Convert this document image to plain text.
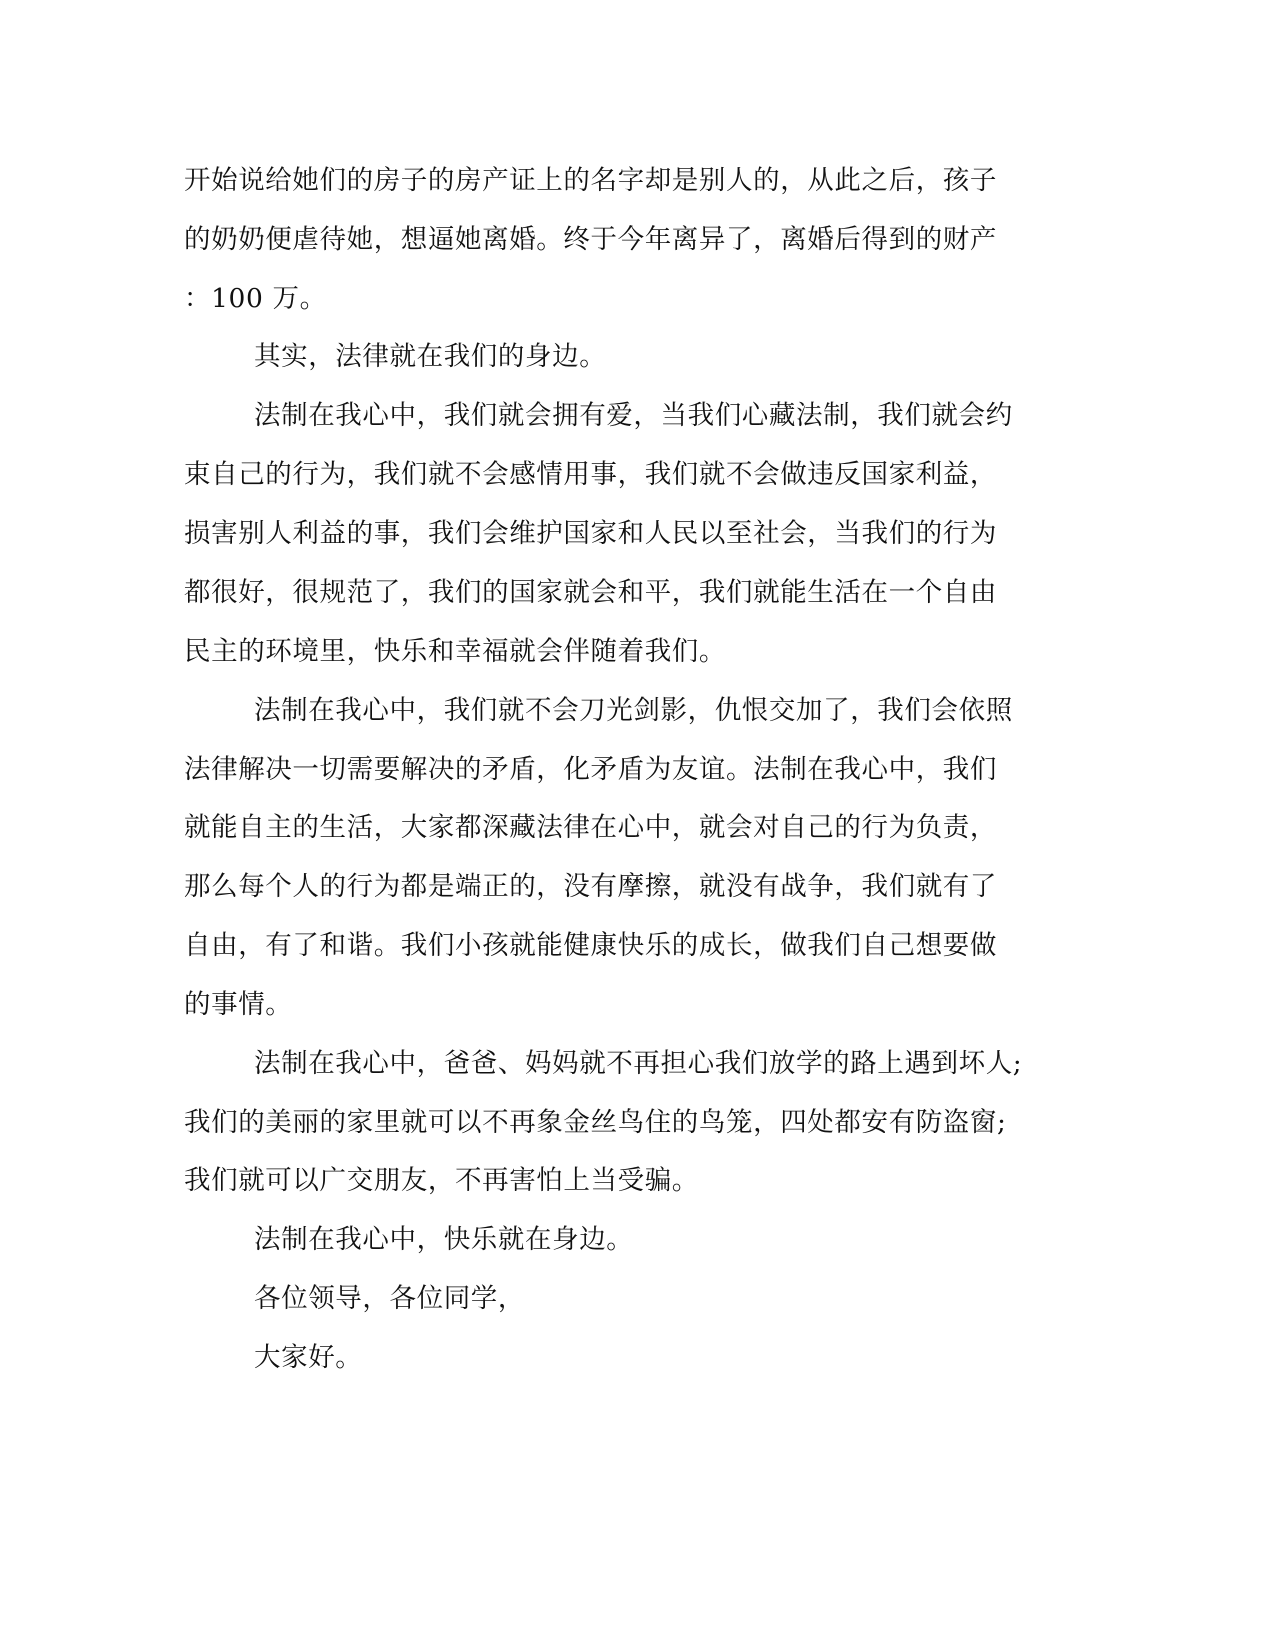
开始说给她们的房子的房产证上的名字却是别人的，从此之后，孩子
的奶奶便虐待她，想逼她离婚。终于今年离异了，离婚后得到的财产
：100 万。
其实，法律就在我们的身边。
法制在我心中，我们就会拥有爱，当我们心藏法制，我们就会约
束自己的行为，我们就不会感情用事，我们就不会做违反国家利益，
损害别人利益的事，我们会维护国家和人民以至社会，当我们的行为
都很好，很规范了，我们的国家就会和平，我们就能生活在一个自由
民主的环境里，快乐和幸福就会伴随着我们。
法制在我心中，我们就不会刀光剑影，仇恨交加了，我们会依照
法律解决一切需要解决的矛盾，化矛盾为友谊。法制在我心中，我们
就能自主的生活，大家都深藏法律在心中，就会对自己的行为负责，
那么每个人的行为都是端正的，没有摩擦，就没有战争，我们就有了
自由，有了和谐。我们小孩就能健康快乐的成长，做我们自己想要做
的事情。
法制在我心中，爸爸、妈妈就不再担心我们放学的路上遇到坏人;
我们的美丽的家里就可以不再象金丝鸟住的鸟笼，四处都安有防盗窗;
我们就可以广交朋友，不再害怕上当受骗。
法制在我心中，快乐就在身边。
各位领导，各位同学，
大家好。
